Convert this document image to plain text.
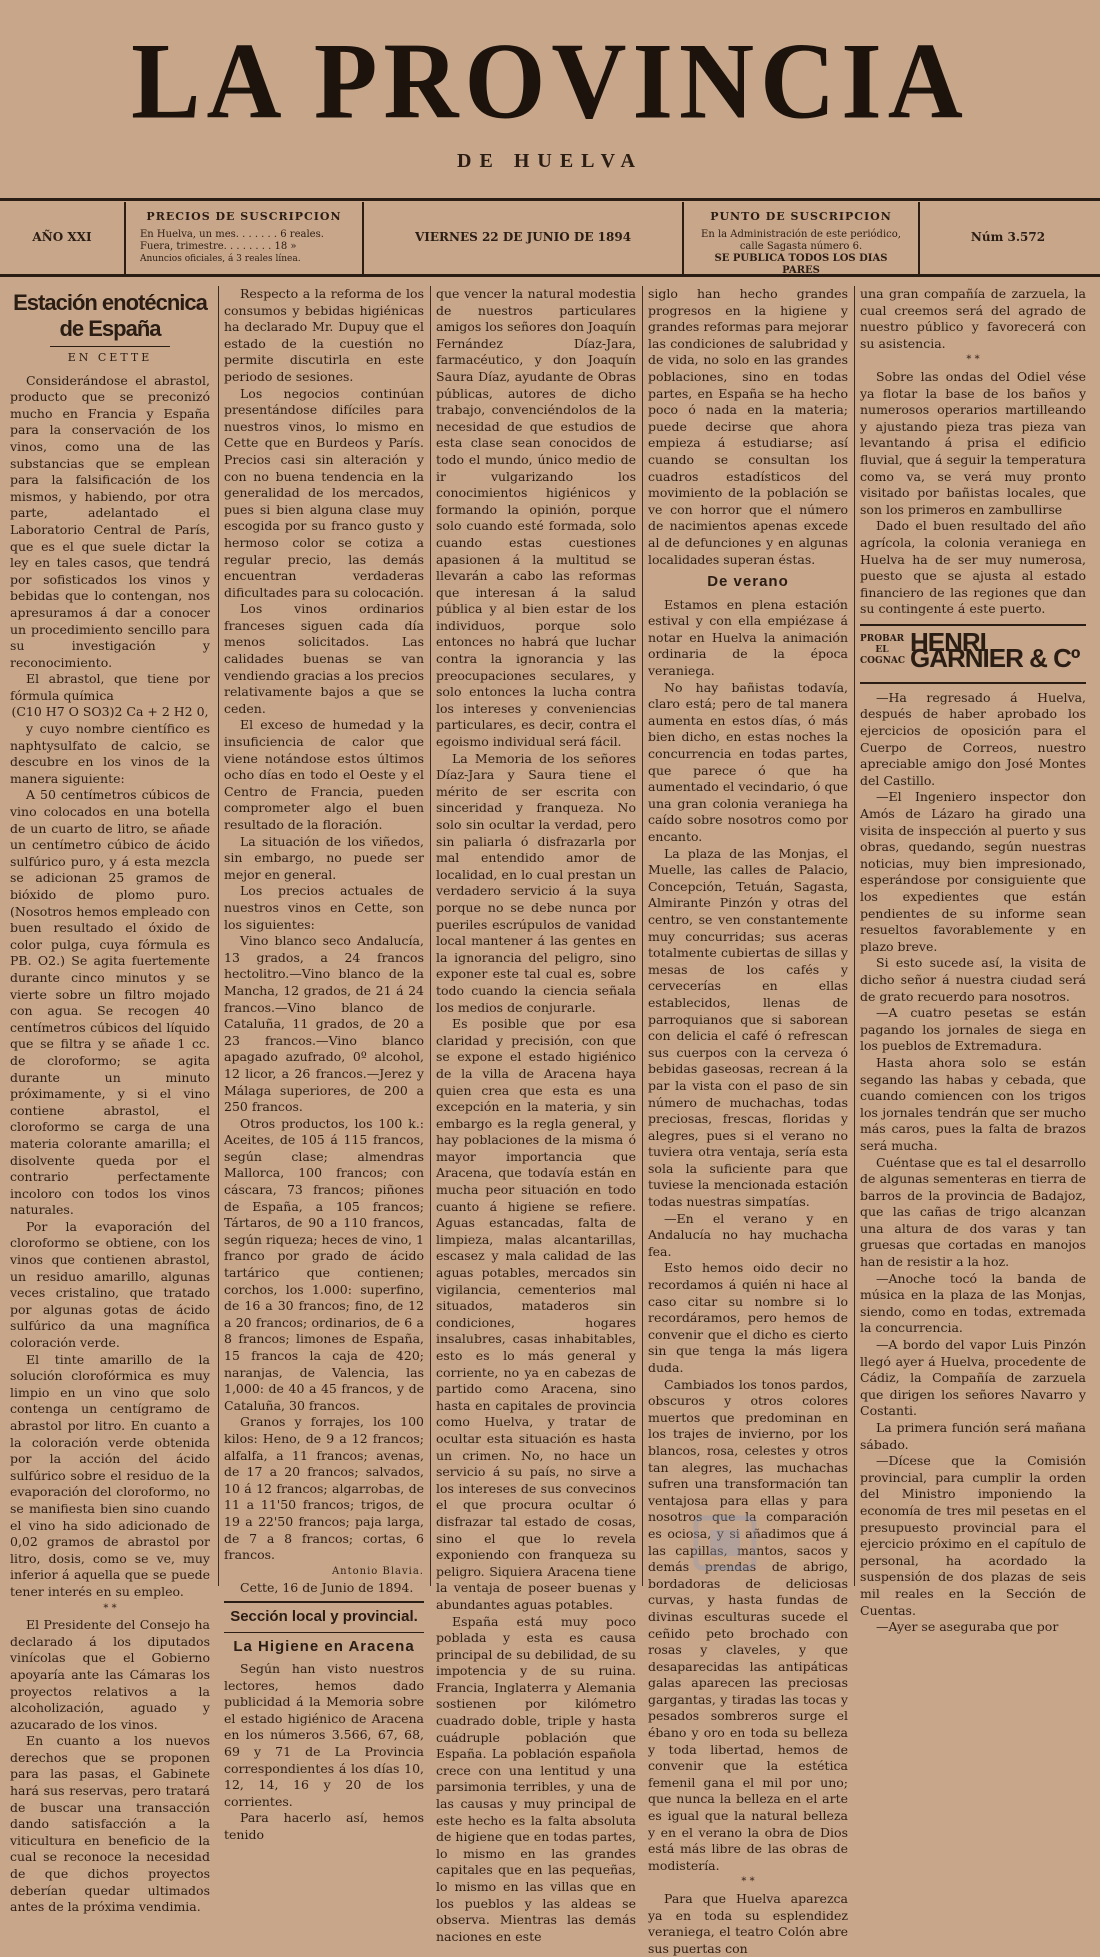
LA PROVINCIA
DE HUELVA
AÑO XXI
PRECIOS DE SUSCRIPCION
En Huelva, un mes. . . . . . . 6 reales.
Fuera, trimestre. . . . . . . . 18 »
Anuncios oficiales, á 3 reales línea.
VIERNES 22 DE JUNIO DE 1894
PUNTO DE SUSCRIPCION
En la Administración de este periódico,
calle Sagasta número 6.
SE PUBLICA TODOS LOS DIAS PARES
Núm 3.572
Estación enotécnica de España
EN CETTE

Considerándose el abrastol, producto que se preconizó mucho en Francia y España para la conservación de los vinos, como una de las substancias que se emplean para la falsificación de los mismos, y habiendo, por otra parte, adelantado el Laboratorio Central de París, que es el que suele dictar la ley en tales casos, que tendrá por sofisticados los vinos y bebidas que lo contengan, nos apresuramos á dar a conocer un procedimiento sencillo para su investigación y reconocimiento.

El abrastol, que tiene por fórmula química

(C10 H7 O SO3)2 Ca + 2 H2 0,

y cuyo nombre científico es naphtysulfato de calcio, se descubre en los vinos de la manera siguiente:

A 50 centímetros cúbicos de vino colocados en una botella de un cuarto de litro, se añade un centímetro cúbico de ácido sulfúrico puro, y á esta mezcla se adicionan 25 gramos de bióxido de plomo puro. (Nosotros hemos empleado con buen resultado el óxido de color pulga, cuya fórmula es PB. O2.) Se agita fuertemente durante cinco minutos y se vierte sobre un filtro mojado con agua. Se recogen 40 centímetros cúbicos del líquido que se filtra y se añade 1 cc. de cloroformo; se agita durante un minuto próximamente, y si el vino contiene abrastol, el cloroformo se carga de una materia colorante amarilla; el disolvente queda por el contrario perfectamente incoloro con todos los vinos naturales.

Por la evaporación del cloroformo se obtiene, con los vinos que contienen abrastol, un residuo amarillo, algunas veces cristalino, que tratado por algunas gotas de ácido sulfúrico da una magnífica coloración verde.

El tinte amarillo de la solución clorofórmica es muy limpio en un vino que solo contenga un centígramo de abrastol por litro. En cuanto a la coloración verde obtenida por la acción del ácido sulfúrico sobre el residuo de la evaporación del cloroformo, no se manifiesta bien sino cuando el vino ha sido adicionado de 0,02 gramos de abrastol por litro, dosis, como se ve, muy inferior á aquella que se puede tener interés en su empleo.

* *

El Presidente del Consejo ha declarado á los diputados vinícolas que el Gobierno apoyaría ante las Cámaras los proyectos relativos a la alcoholización, aguado y azucarado de los vinos.

En cuanto a los nuevos derechos que se proponen para las pasas, el Gabinete hará sus reservas, pero tratará de buscar una transacción dando satisfacción a la viticultura en beneficio de la cual se reconoce la necesidad de que dichos proyectos deberían quedar ultimados antes de la próxima vendimia.

Respecto a la reforma de los consumos y bebidas higiénicas ha declarado Mr. Dupuy que el estado de la cuestión no permite discutirla en este periodo de sesiones.

Los negocios continúan presentándose difíciles para nuestros vinos, lo mismo en Cette que en Burdeos y París. Precios casi sin alteración y con no buena tendencia en la generalidad de los mercados, pues si bien alguna clase muy escogida por su franco gusto y hermoso color se cotiza a regular precio, las demás encuentran verdaderas dificultades para su colocación.

Los vinos ordinarios franceses siguen cada día menos solicitados. Las calidades buenas se van vendiendo gracias a los precios relativamente bajos a que se ceden.

El exceso de humedad y la insuficiencia de calor que viene notándose estos últimos ocho días en todo el Oeste y el Centro de Francia, pueden comprometer algo el buen resultado de la floración.

La situación de los viñedos, sin embargo, no puede ser mejor en general.

Los precios actuales de nuestros vinos en Cette, son los siguientes:

Vino blanco seco Andalucía, 13 grados, a 24 francos hectolitro.—Vino blanco de la Mancha, 12 grados, de 21 á 24 francos.—Vino blanco de Cataluña, 11 grados, de 20 a 23 francos.—Vino blanco apagado azufrado, 0º alcohol, 12 licor, a 26 francos.—Jerez y Málaga superiores, de 200 a 250 francos.

Otros productos, los 100 k.: Aceites, de 105 á 115 francos, según clase; almendras Mallorca, 100 francos; con cáscara, 73 francos; piñones de España, a 105 francos; Tártaros, de 90 a 110 francos, según riqueza; heces de vino, 1 franco por grado de ácido tartárico que contienen; corchos, los 1.000: superfino, de 16 a 30 francos; fino, de 12 a 20 francos; ordinarios, de 6 a 8 francos; limones de España, 15 francos la caja de 420; naranjas, de Valencia, las 1,000: de 40 a 45 francos, y de Cataluña, 30 francos.

Granos y forrajes, los 100 kilos: Heno, de 9 a 12 francos; alfalfa, a 11 francos; avenas, de 17 a 20 francos; salvados, 10 á 12 francos; algarrobas, de 11 a 11'50 francos; trigos, de 19 a 22'50 francos; paja larga, de 7 a 8 francos; cortas, 6 francos.

Antonio Blavia.

Cette, 16 de Junio de 1894.

Sección local y provincial.
La Higiene en Aracena

Según han visto nuestros lectores, hemos dado publicidad á la Memoria sobre el estado higiénico de Aracena en los números 3.566, 67, 68, 69 y 71 de La Provincia correspondientes á los días 10, 12, 14, 16 y 20 de los corrientes.

Para hacerlo así, hemos tenido

que vencer la natural modestia de nuestros particulares amigos los señores don Joaquín Fernández Díaz-Jara, farmacéutico, y don Joaquín Saura Díaz, ayudante de Obras públicas, autores de dicho trabajo, convenciéndolos de la necesidad de que estudios de esta clase sean conocidos de todo el mundo, único medio de ir vulgarizando los conocimientos higiénicos y formando la opinión, porque solo cuando esté formada, solo cuando estas cuestiones apasionen á la multitud se llevarán a cabo las reformas que interesan á la salud pública y al bien estar de los individuos, porque solo entonces no habrá que luchar contra la ignorancia y las preocupaciones seculares, y solo entonces la lucha contra los intereses y conveniencias particulares, es decir, contra el egoismo individual será fácil.

La Memoria de los señores Díaz-Jara y Saura tiene el mérito de ser escrita con sinceridad y franqueza. No solo sin ocultar la verdad, pero sin paliarla ó disfrazarla por mal entendido amor de localidad, en lo cual prestan un verdadero servicio á la suya porque no se debe nunca por pueriles escrúpulos de vanidad local mantener á las gentes en la ignorancia del peligro, sino exponer este tal cual es, sobre todo cuando la ciencia señala los medios de conjurarle.

Es posible que por esa claridad y precisión, con que se expone el estado higiénico de la villa de Aracena haya quien crea que esta es una excepción en la materia, y sin embargo es la regla general, y hay poblaciones de la misma ó mayor importancia que Aracena, que todavía están en mucha peor situación en todo cuanto á higiene se refiere. Aguas estancadas, falta de limpieza, malas alcantarillas, escasez y mala calidad de las aguas potables, mercados sin vigilancia, cementerios mal situados, mataderos sin condiciones, hogares insalubres, casas inhabitables, esto es lo más general y corriente, no ya en cabezas de partido como Aracena, sino hasta en capitales de provincia como Huelva, y tratar de ocultar esta situación es hasta un crimen. No, no hace un servicio á su país, no sirve a los intereses de sus convecinos el que procura ocultar ó disfrazar tal estado de cosas, sino el que lo revela exponiendo con franqueza su peligro. Siquiera Aracena tiene la ventaja de poseer buenas y abundantes aguas potables.

España está muy poco poblada y esta es causa principal de su debilidad, de su impotencia y de su ruina. Francia, Inglaterra y Alemania sostienen por kilómetro cuadrado doble, triple y hasta cuádruple población que España. La población española crece con una lentitud y una parsimonia terribles, y una de las causas y muy principal de este hecho es la falta absoluta de higiene que en todas partes, lo mismo en las grandes capitales que en las pequeñas, lo mismo en las villas que en los pueblos y las aldeas se observa. Mientras las demás naciones en este

siglo han hecho grandes progresos en la higiene y grandes reformas para mejorar las condiciones de salubridad y de vida, no solo en las grandes poblaciones, sino en todas partes, en España se ha hecho poco ó nada en la materia; puede decirse que ahora empieza á estudiarse; así cuando se consultan los cuadros estadísticos del movimiento de la población se ve con horror que el número de nacimientos apenas excede al de defunciones y en algunas localidades superan éstas.

De verano

Estamos en plena estación estival y con ella empiézase á notar en Huelva la animación ordinaria de la época veraniega.

No hay bañistas todavía, claro está; pero de tal manera aumenta en estos días, ó más bien dicho, en estas noches la concurrencia en todas partes, que parece ó que ha aumentado el vecindario, ó que una gran colonia veraniega ha caído sobre nosotros como por encanto.

La plaza de las Monjas, el Muelle, las calles de Palacio, Concepción, Tetuán, Sagasta, Almirante Pinzón y otras del centro, se ven constantemente muy concurridas; sus aceras totalmente cubiertas de sillas y mesas de los cafés y cervecerías en ellas establecidos, llenas de parroquianos que si saborean con delicia el café ó refrescan sus cuerpos con la cerveza ó bebidas gaseosas, recrean á la par la vista con el paso de sin número de muchachas, todas preciosas, frescas, floridas y alegres, pues si el verano no tuviera otra ventaja, sería esta sola la suficiente para que tuviese la mencionada estación todas nuestras simpatías.

—En el verano y en Andalucía no hay muchacha fea.

Esto hemos oido decir no recordamos á quién ni hace al caso citar su nombre si lo recordáramos, pero hemos de convenir que el dicho es cierto sin que tenga la más ligera duda.

Cambiados los tonos pardos, obscuros y otros colores muertos que predominan en los trajes de invierno, por los blancos, rosa, celestes y otros tan alegres, las muchachas sufren una transformación tan ventajosa para ellas y para nosotros que la comparación es ociosa, y si añadimos que á las capillas, mantos, sacos y demás prendas de abrigo, bordadoras de deliciosas curvas, y hasta fundas de divinas esculturas sucede el ceñido peto brochado con rosas y claveles, y que desaparecidas las antipáticas galas aparecen las preciosas gargantas, y tiradas las tocas y pesados sombreros surge el ébano y oro en toda su belleza y toda libertad, hemos de convenir que la estética femenil gana el mil por uno; que nunca la belleza en el arte es igual que la natural belleza y en el verano la obra de Dios está más libre de las obras de modistería.

* *

Para que Huelva aparezca ya en toda su esplendidez veraniega, el teatro Colón abre sus puertas con

una gran compañía de zarzuela, la cual creemos será del agrado de nuestro público y favorecerá con su asistencia.

* *

Sobre las ondas del Odiel vése ya flotar la base de los baños y numerosos operarios martilleando y ajustando pieza tras pieza van levantando á prisa el edificio fluvial, que á seguir la temperatura como va, se verá muy pronto visitado por bañistas locales, que son los primeros en zambullirse

Dado el buen resultado del año agrícola, la colonia veraniega en Huelva ha de ser muy numerosa, puesto que se ajusta al estado financiero de las regiones que dan su contingente á este puerto.

PROBAR EL COGNAC
HENRI GARNIER & Cº

—Ha regresado á Huelva, después de haber aprobado los ejercicios de oposición para el Cuerpo de Correos, nuestro apreciable amigo don José Montes del Castillo.

—El Ingeniero inspector don Amós de Lázaro ha girado una visita de inspección al puerto y sus obras, quedando, según nuestras noticias, muy bien impresionado, esperándose por consiguiente que los expedientes que están pendientes de su informe sean resueltos favorablemente y en plazo breve.

Si esto sucede así, la visita de dicho señor á nuestra ciudad será de grato recuerdo para nosotros.

—A cuatro pesetas se están pagando los jornales de siega en los pueblos de Extremadura.

Hasta ahora solo se están segando las habas y cebada, que cuando comiencen con los trigos los jornales tendrán que ser mucho más caros, pues la falta de brazos será mucha.

Cuéntase que es tal el desarrollo de algunas sementeras en tierra de barros de la provincia de Badajoz, que las cañas de trigo alcanzan una altura de dos varas y tan gruesas que cortadas en manojos han de resistir a la hoz.

—Anoche tocó la banda de música en la plaza de las Monjas, siendo, como en todas, extremada la concurrencia.

—A bordo del vapor Luis Pinzón llegó ayer á Huelva, procedente de Cádiz, la Compañía de zarzuela que dirigen los señores Navarro y Costanti.

La primera función será mañana sábado.

—Dícese que la Comisión provincial, para cumplir la orden del Ministro imponiendo la economía de tres mil pesetas en el presupuesto provincial para el ejercicio próximo en el capítulo de personal, ha acordado la suspensión de dos plazas de seis mil reales en la Sección de Cuentas.

—Ayer se aseguraba que por
